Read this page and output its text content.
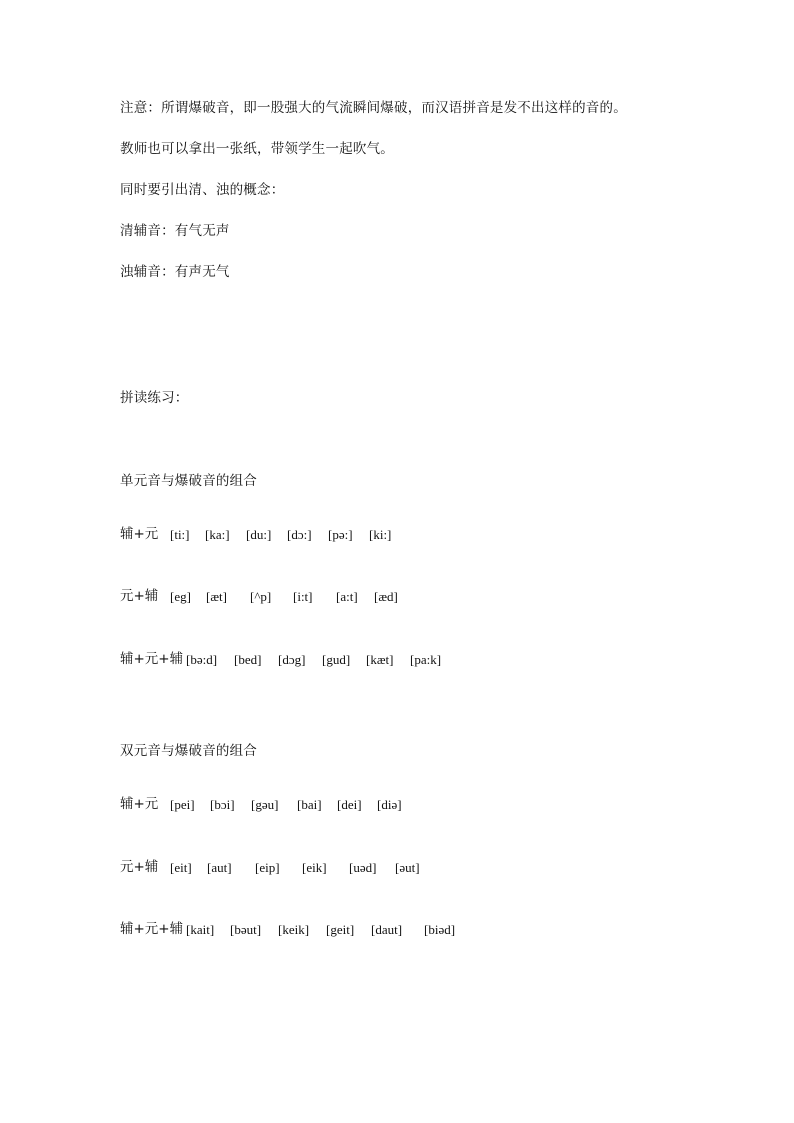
注意：所谓爆破音，即一股强大的气流瞬间爆破，而汉语拼音是发不出这样的音的。
教师也可以拿出一张纸，带领学生一起吹气。
同时要引出清、浊的概念：
清辅音：有气无声
浊辅音：有声无气
拼读练习：
单元音与爆破音的组合
辅+元 [ti:] [ka:] [du:] [dɔ:] [pə:] [ki:]
元+辅 [eg] [æt] [^p] [i:t] [a:t] [æd]
辅+元+辅 [bə:d] [bed] [dɔg] [gud] [kæt] [pa:k]
双元音与爆破音的组合
辅+元 [pei] [bɔi] [gəu] [bai] [dei] [diə]
元+辅 [eit] [aut] [eip] [eik] [uəd] [əut]
辅+元+辅 [kait] [bəut] [keik] [geit] [daut] [biəd]
